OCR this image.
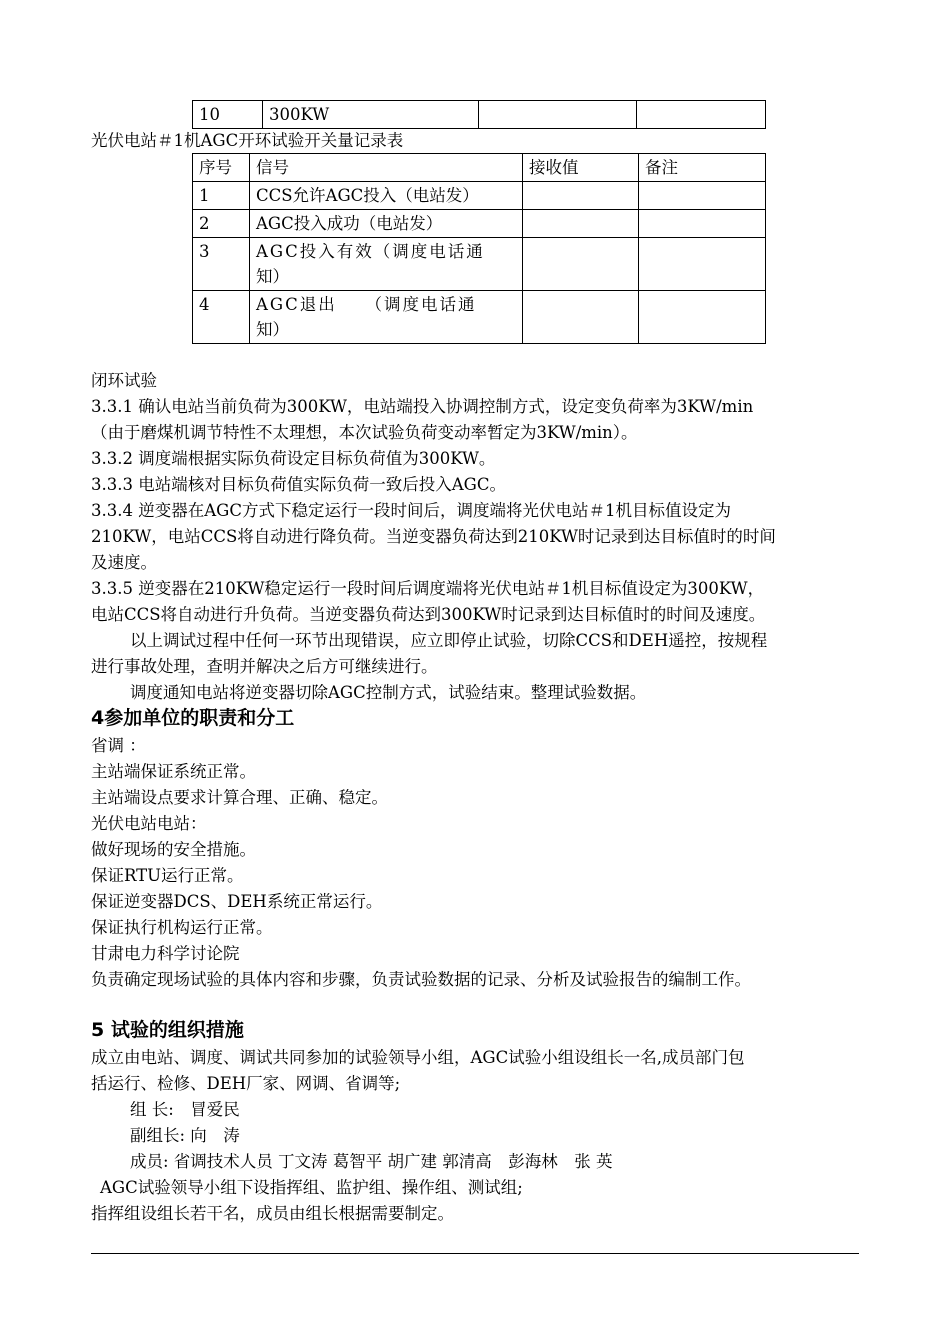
10	300KW		
光伏电站＃1机AGC开环试验开关量记录表
序号	信号	接收值	备注
1	CCS允许AGC投入（电站发）		
2	AGC投入成功（电站发）		
3	AGC投入有效（调度电话通
知）		

4	AGC退出　　（调度电话通
知）		

闭环试验
3.3.1 确认电站当前负荷为300KW，电站端投入协调控制方式，设定变负荷率为3KW/min
（由于磨煤机调节特性不太理想，本次试验负荷变动率暂定为3KW/min）。
3.3.2 调度端根据实际负荷设定目标负荷值为300KW。
3.3.3 电站端核对目标负荷值实际负荷一致后投入AGC。
3.3.4 逆变器在AGC方式下稳定运行一段时间后，调度端将光伏电站＃1机目标值设定为
210KW，电站CCS将自动进行降负荷。当逆变器负荷达到210KW时记录到达目标值时的时间
及速度。
3.3.5 逆变器在210KW稳定运行一段时间后调度端将光伏电站＃1机目标值设定为300KW，
电站CCS将自动进行升负荷。当逆变器负荷达到300KW时记录到达目标值时的时间及速度。
以上调试过程中任何一环节出现错误，应立即停止试验，切除CCS和DEH遥控，按规程
进行事故处理，查明并解决之后方可继续进行。
调度通知电站将逆变器切除AGC控制方式，试验结束。整理试验数据。
4参加单位的职责和分工
省调 ：
主站端保证系统正常。
主站端设点要求计算合理、正确、稳定。
光伏电站电站：
做好现场的安全措施。
保证RTU运行正常。
保证逆变器DCS、DEH系统正常运行。
保证执行机构运行正常。
甘肃电力科学讨论院
负责确定现场试验的具体内容和步骤，负责试验数据的记录、分析及试验报告的编制工作。
5 试验的组织措施
成立由电站、调度、调试共同参加的试验领导小组，AGC试验小组设组长一名,成员部门包
括运行、检修、DEH厂家、网调、省调等;
组 长:　冒爱民
副组长: 向　涛
成员: 省调技术人员 丁文涛 葛智平 胡广建 郭清高　彭海林　张 英
AGC试验领导小组下设指挥组、监护组、操作组、测试组;
指挥组设组长若干名，成员由组长根据需要制定。
